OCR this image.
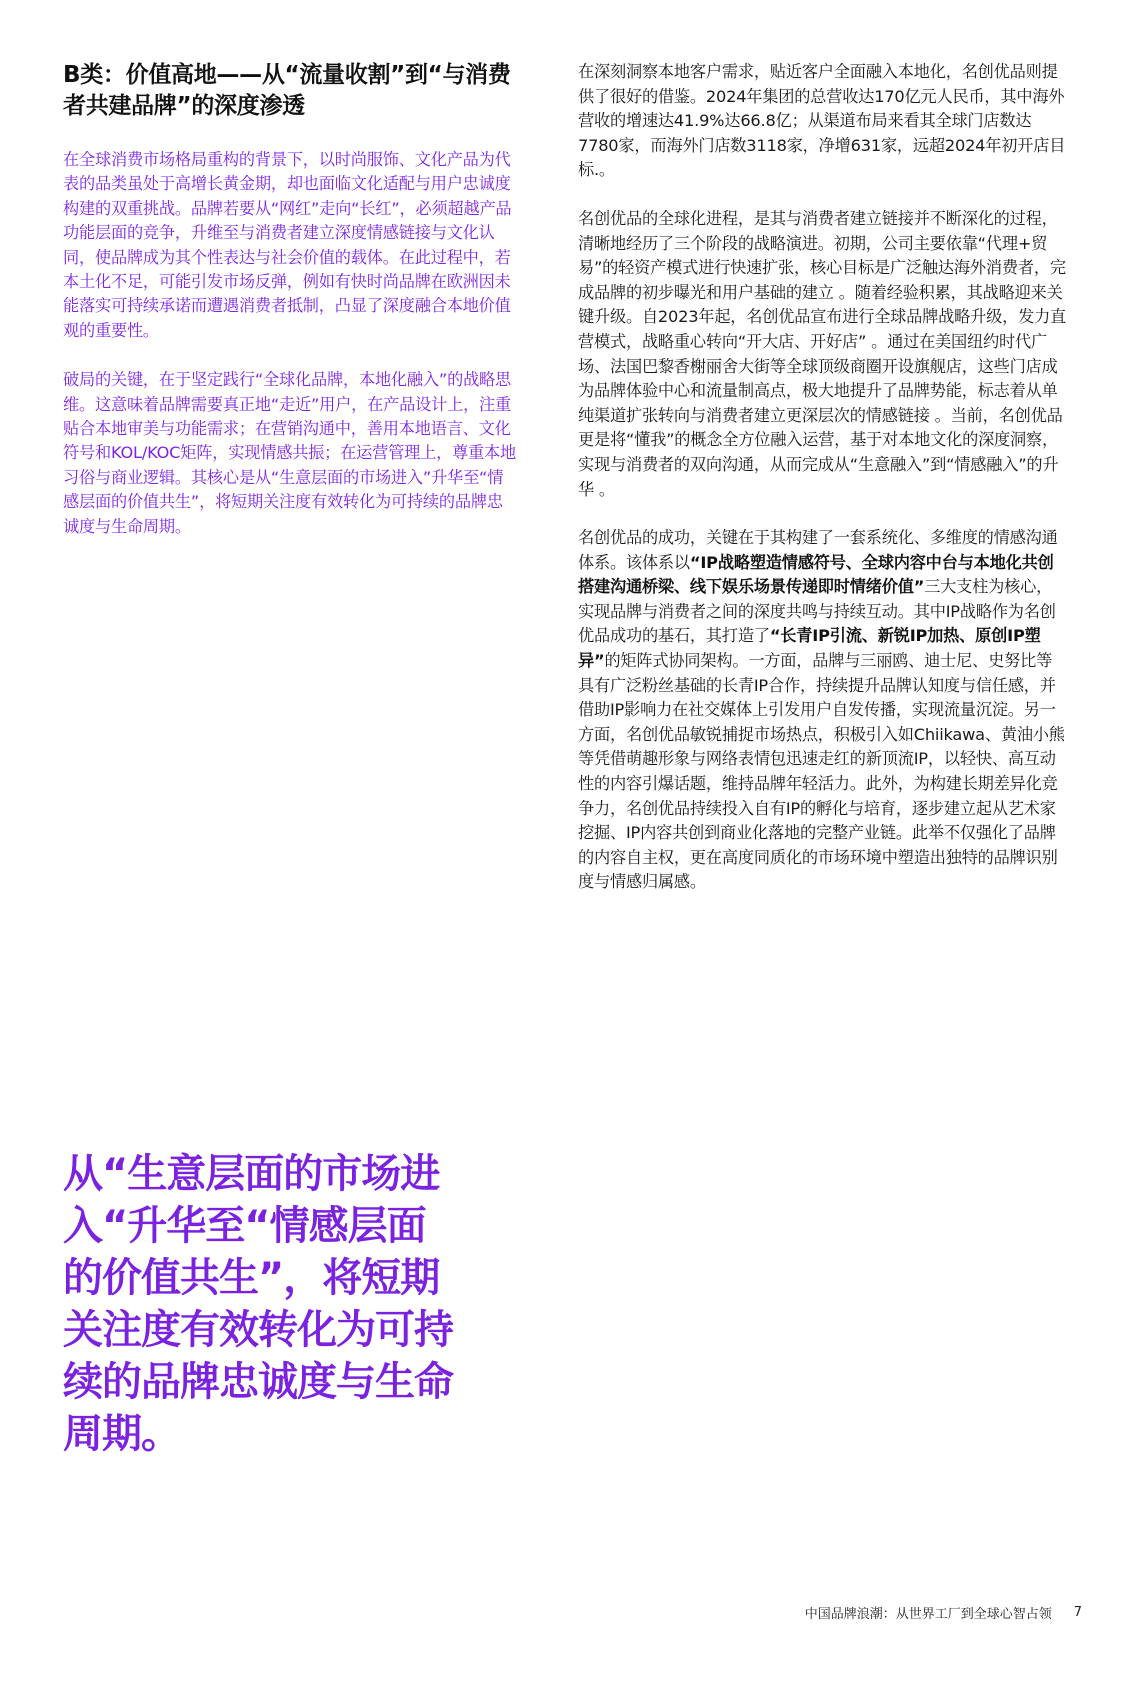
B类：价值高地——从“流量收割”到“与消费者共建品牌”的深度渗透

在全球消费市场格局重构的背景下，以时尚服饰、文化产品为代表的品类虽处于高增长黄金期，却也面临文化适配与用户忠诚度构建的双重挑战。品牌若要从“网红”走向“长红”，必须超越产品功能层面的竞争，升维至与消费者建立深度情感链接与文化认同，使品牌成为其个性表达与社会价值的载体。在此过程中，若本土化不足，可能引发市场反弹，例如有快时尚品牌在欧洲因未能落实可持续承诺而遭遇消费者抵制，凸显了深度融合本地价值观的重要性。

破局的关键，在于坚定践行“全球化品牌，本地化融入”的战略思维。这意味着品牌需要真正地“走近”用户，在产品设计上，注重贴合本地审美与功能需求；在营销沟通中，善用本地语言、文化符号和KOL/KOC矩阵，实现情感共振；在运营管理上，尊重本地习俗与商业逻辑。其核心是从“生意层面的市场进入”升华至“情感层面的价值共生”，将短期关注度有效转化为可持续的品牌忠诚度与生命周期。

在深刻洞察本地客户需求，贴近客户全面融入本地化，名创优品则提供了很好的借鉴。2024年集团的总营收达170亿元人民币，其中海外营收的增速达41.9%达66.8亿；从渠道布局来看其全球门店数达7780家，而海外门店数3118家，净增631家，远超2024年初开店目标.。

名创优品的全球化进程，是其与消费者建立链接并不断深化的过程，清晰地经历了三个阶段的战略演进。初期，公司主要依靠“代理+贸易”的轻资产模式进行快速扩张，核心目标是广泛触达海外消费者，完成品牌的初步曝光和用户基础的建立 。随着经验积累，其战略迎来关键升级。自2023年起，名创优品宣布进行全球品牌战略升级，发力直营模式，战略重心转向“开大店、开好店” 。通过在美国纽约时代广场、法国巴黎香榭丽舍大街等全球顶级商圈开设旗舰店，这些门店成为品牌体验中心和流量制高点，极大地提升了品牌势能，标志着从单纯渠道扩张转向与消费者建立更深层次的情感链接 。当前，名创优品更是将“懂我”的概念全方位融入运营，基于对本地文化的深度洞察，实现与消费者的双向沟通，从而完成从“生意融入”到“情感融入”的升华 。

名创优品的成功，关键在于其构建了一套系统化、多维度的情感沟通体系。该体系以“IP战略塑造情感符号、全球内容中台与本地化共创搭建沟通桥梁、线下娱乐场景传递即时情绪价值”三大支柱为核心，实现品牌与消费者之间的深度共鸣与持续互动。其中IP战略作为名创优品成功的基石，其打造了“长青IP引流、新锐IP加热、原创IP塑异”的矩阵式协同架构。一方面，品牌与三丽鸥、迪士尼、史努比等具有广泛粉丝基础的长青IP合作，持续提升品牌认知度与信任感，并借助IP影响力在社交媒体上引发用户自发传播，实现流量沉淀。另一方面，名创优品敏锐捕捉市场热点，积极引入如Chiikawa、黄油小熊等凭借萌趣形象与网络表情包迅速走红的新顶流IP，以轻快、高互动性的内容引爆话题，维持品牌年轻活力。此外，为构建长期差异化竞争力，名创优品持续投入自有IP的孵化与培育，逐步建立起从艺术家挖掘、IP内容共创到商业化落地的完整产业链。此举不仅强化了品牌的内容自主权，更在高度同质化的市场环境中塑造出独特的品牌识别度与情感归属感。

从“生意层面的市场进入“升华至“情感层面的价值共生”，将短期关注度有效转化为可持续的品牌忠诚度与生命周期。

中国品牌浪潮：从世界工厂到全球心智占领 7
